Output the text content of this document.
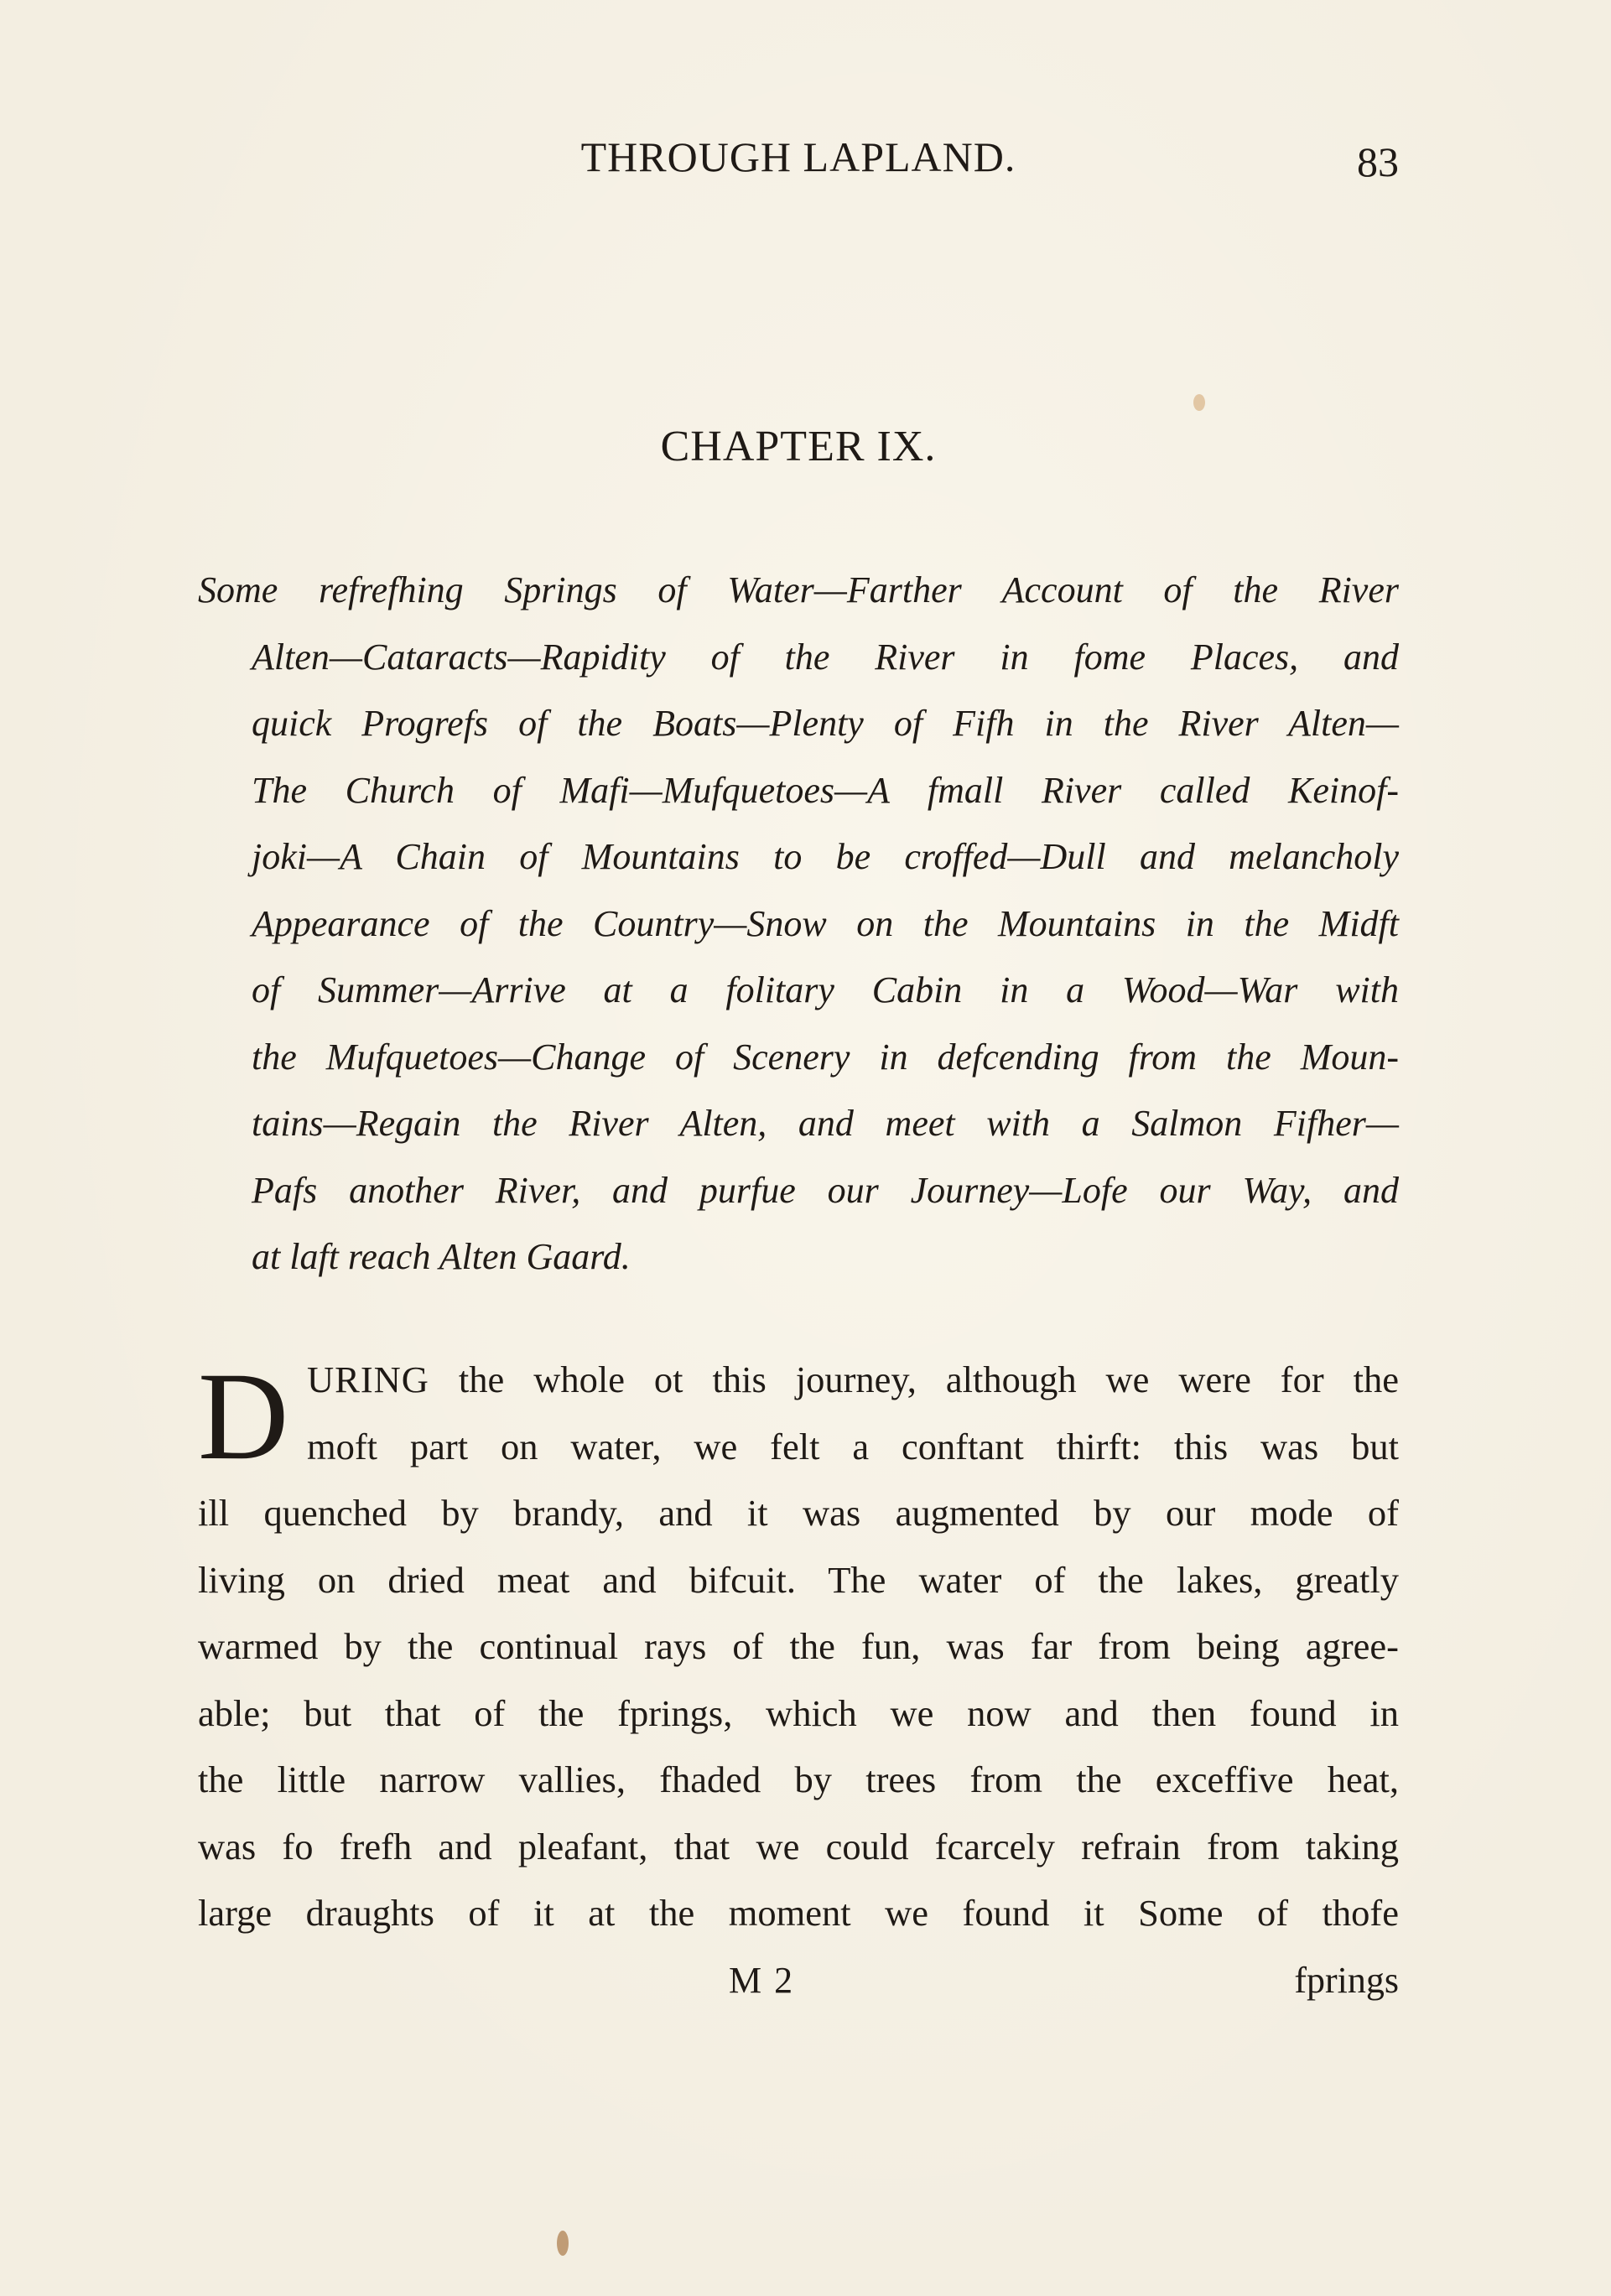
THROUGH LAPLAND.	83
CHAPTER IX.
Some refrefhing Springs of Water—Farther Account of the River
Alten—Cataracts—Rapidity of the River in fome Places, and
quick Progrefs of the Boats—Plenty of Fifh in the River Alten—
The Church of Mafi—Mufquetoes—A fmall River called Keinof-
joki—A Chain of Mountains to be croffed—Dull and melancholy
Appearance of the Country—Snow on the Mountains in the Midft
of Summer—Arrive at a folitary Cabin in a Wood—War with
the Mufquetoes—Change of Scenery in defcending from the Moun-
tains—Regain the River Alten, and meet with a Salmon Fifher—
Pafs another River, and purfue our Journey—Lofe our Way, and
at laft reach Alten Gaard.
D URING the whole ot this journey, although we were for the
moft part on water, we felt a conftant thirft: this was but
ill quenched by brandy, and it was augmented by our mode of
living on dried meat and bifcuit. The water of the lakes, greatly
warmed by the continual rays of the fun, was far from being agree-
able; but that of the fprings, which we now and then found in
the little narrow vallies, fhaded by trees from the exceffive heat,
was fo frefh and pleafant, that we could fcarcely refrain from taking
large draughts of it at the moment we found it Some of thofe
M 2	fprings
